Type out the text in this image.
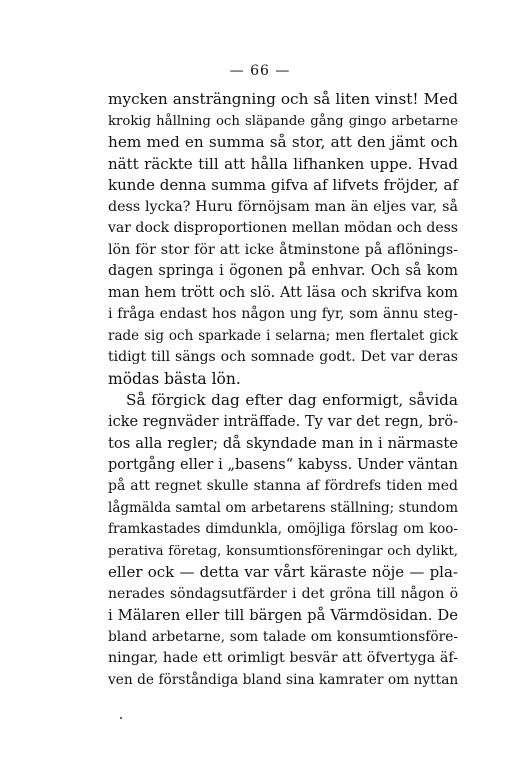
— 66 —
mycken ansträngning och så liten vinst! Med
krokig hållning och släpande gång gingo arbetarne
hem med en summa så stor, att den jämt och
nätt räckte till att hålla lifhanken uppe. Hvad
kunde denna summa gifva af lifvets fröjder, af
dess lycka? Huru förnöjsam man än eljes var, så
var dock disproportionen mellan mödan och dess
lön för stor för att icke åtminstone på aflönings-
dagen springa i ögonen på enhvar. Och så kom
man hem trött och slö. Att läsa och skrifva kom
i fråga endast hos någon ung fyr, som ännu steg-
rade sig och sparkade i selarna; men flertalet gick
tidigt till sängs och somnade godt. Det var deras
mödas bästa lön.
Så förgick dag efter dag enformigt, såvida
icke regnväder inträffade. Ty var det regn, brö-
tos alla regler; då skyndade man in i närmaste
portgång eller i „basens“ kabyss. Under väntan
på att regnet skulle stanna af fördrefs tiden med
lågmälda samtal om arbetarens ställning; stundom
framkastades dimdunkla, omöjliga förslag om koo-
perativa företag, konsumtionsföreningar och dylikt,
eller ock — detta var vårt käraste nöje — pla-
nerades söndagsutfärder i det gröna till någon ö
i Mälaren eller till bärgen på Värmdösidan. De
bland arbetarne, som talade om konsumtionsföre-
ningar, hade ett orimligt besvär att öfvertyga äf-
ven de förståndiga bland sina kamrater om nyttan
